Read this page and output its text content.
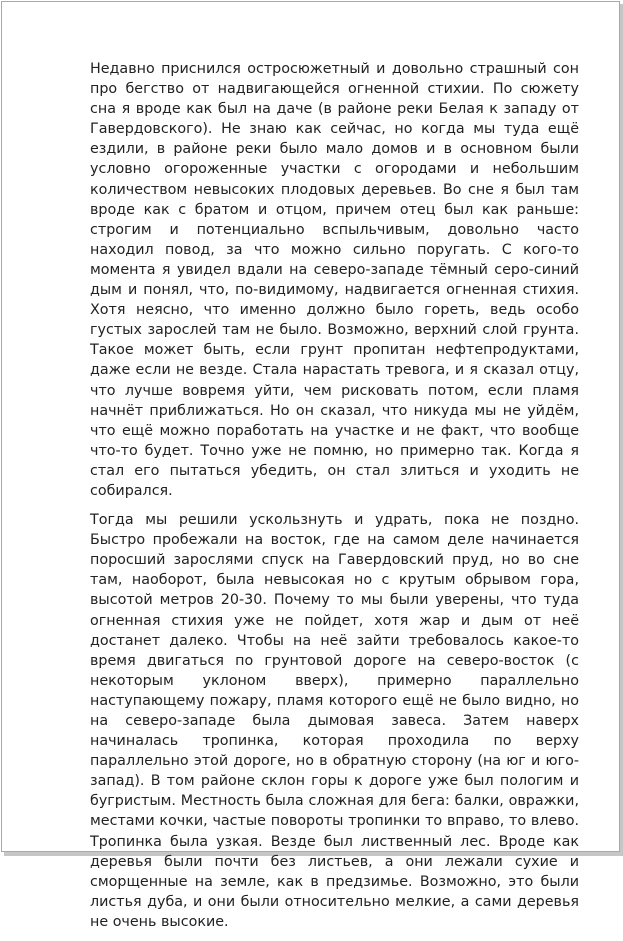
Недавно приснился остросюжетный и довольно страшный сон про бегство от надвигающейся огненной стихии. По сюжету сна я вроде как был на даче (в районе реки Белая к западу от Гавердовского). Не знаю как сейчас, но когда мы туда ещё ездили, в районе реки было мало домов и в основном были условно огороженные участки с огородами и небольшим количеством невысоких плодовых деревьев. Во сне я был там вроде как с братом и отцом, причем отец был как раньше: строгим и потенциально вспыльчивым, довольно часто находил повод, за что можно сильно поругать. С кого-то момента я увидел вдали на северо-западе тёмный серо-синий дым и понял, что, по-видимому, надвигается огненная стихия. Хотя неясно, что именно должно было гореть, ведь особо густых зарослей там не было. Возможно, верхний слой грунта. Такое может быть, если грунт пропитан нефтепродуктами, даже если не везде. Стала нарастать тревога, и я сказал отцу, что лучше вовремя уйти, чем рисковать потом, если пламя начнёт приближаться. Но он сказал, что никуда мы не уйдём, что ещё можно поработать на участке и не факт, что вообще что-то будет. Точно уже не помню, но примерно так. Когда я стал его пытаться убедить, он стал злиться и уходить не собирался.

Тогда мы решили ускользнуть и удрать, пока не поздно. Быстро пробежали на восток, где на самом деле начинается поросший зарослями спуск на Гавердовский пруд, но во сне там, наоборот, была невысокая но с крутым обрывом гора, высотой метров 20-30. Почему то мы были уверены, что туда огненная стихия уже не пойдет, хотя жар и дым от неё достанет далеко. Чтобы на неё зайти требовалось какое-то время двигаться по грунтовой дороге на северо-восток (с некоторым уклоном вверх), примерно параллельно наступающему пожару, пламя которого ещё не было видно, но на северо-западе была дымовая завеса. Затем наверх начиналась тропинка, которая проходила по верху параллельно этой дороге, но в обратную сторону (на юг и юго-запад). В том районе склон горы к дороге уже был пологим и бугристым. Местность была сложная для бега: балки, овражки, местами кочки, частые повороты тропинки то вправо, то влево. Тропинка была узкая. Везде был лиственный лес. Вроде как деревья были почти без листьев, а они лежали сухие и сморщенные на земле, как в предзимье. Возможно, это были листья дуба, и они были относительно мелкие, а сами деревья не очень высокие.
